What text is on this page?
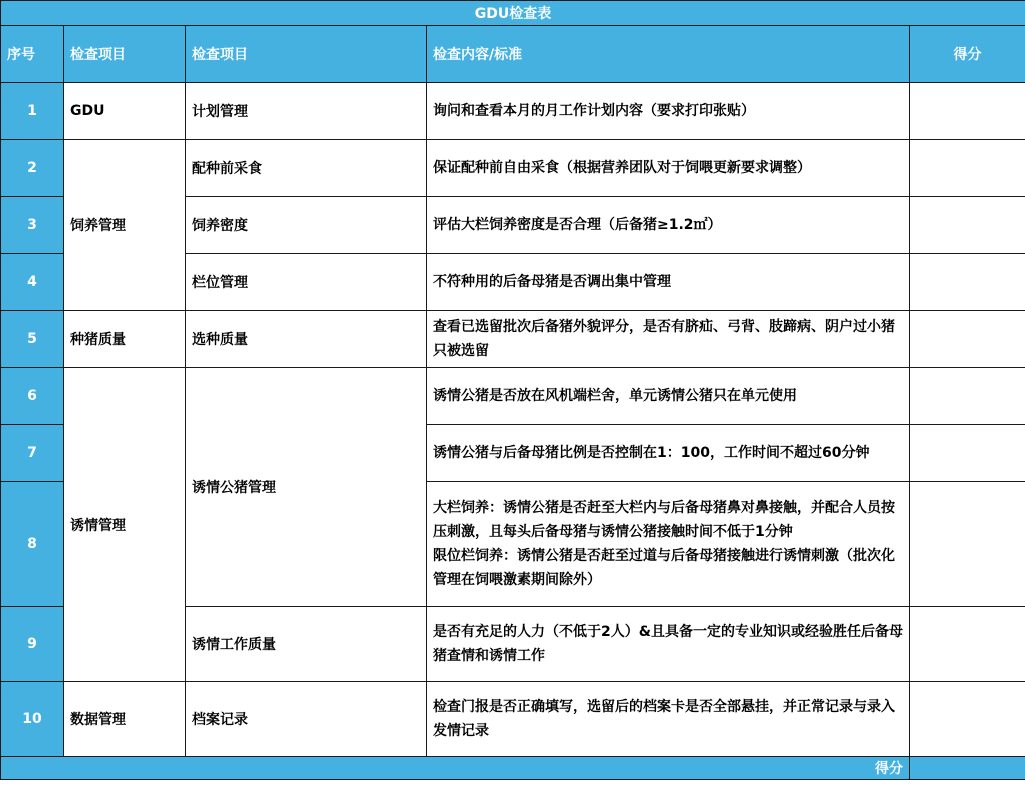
GDU检查表				
序号	检查项目	检查项目	检查内容/标准	得分
1	GDU	计划管理	询问和查看本月的月工作计划内容（要求打印张贴）	
2	饲养管理	配种前采食	保证配种前自由采食（根据营养团队对于饲喂更新要求调整）	
3		饲养密度	评估大栏饲养密度是否合理（后备猪≥1.2㎡）	
4		栏位管理	不符种用的后备母猪是否调出集中管理	
5	种猪质量	选种质量	查看已选留批次后备猪外貌评分，是否有脐疝、弓背、肢蹄病、阴户过小猪只被选留	
6	诱情管理	诱情公猪管理	诱情公猪是否放在风机端栏舍，单元诱情公猪只在单元使用	
7			诱情公猪与后备母猪比例是否控制在1：100，工作时间不超过60分钟	
8			大栏饲养：诱情公猪是否赶至大栏内与后备母猪鼻对鼻接触，并配合人员按压刺激，且每头后备母猪与诱情公猪接触时间不低于1分钟
限位栏饲养：诱情公猪是否赶至过道与后备母猪接触进行诱情刺激（批次化管理在饲喂激素期间除外）	

9		诱情工作质量	是否有充足的人力（不低于2人）&且具备一定的专业知识或经验胜任后备母猪查情和诱情工作	
10	数据管理	档案记录	检查门报是否正确填写，选留后的档案卡是否全部悬挂，并正常记录与录入发情记录	
得分				
